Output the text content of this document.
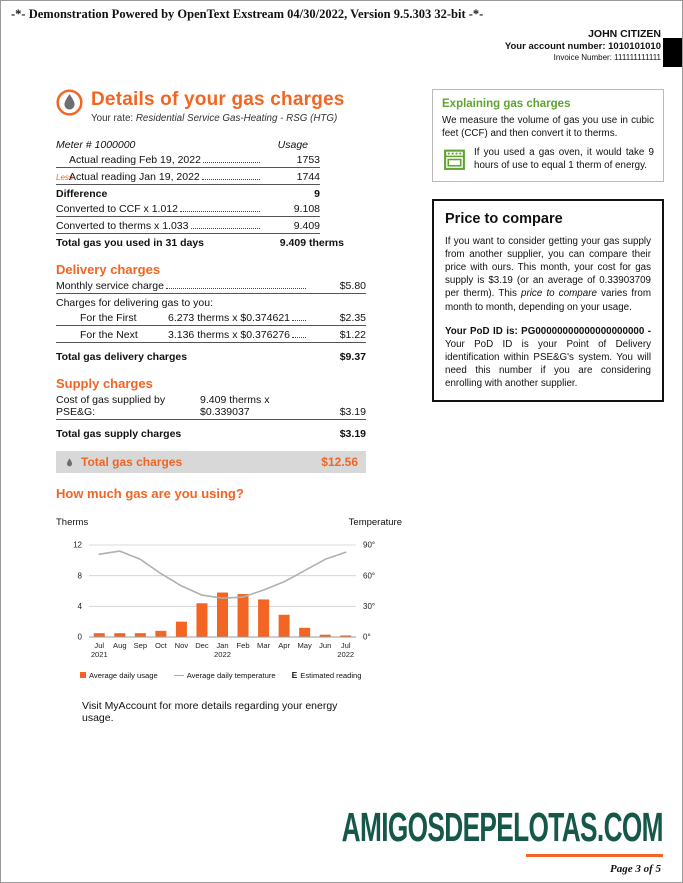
-*- Demonstration Powered by OpenText Exstream 04/30/2022, Version 9.5.303 32-bit -*-
JOHN CITIZEN
Your account number: 1010101010
Invoice Number: 111111111111
Details of your gas charges
Your rate: Residential Service Gas-Heating - RSG (HTG)
Meter # 1000000	Usage
Actual reading Feb 19, 2022	1753
Less
Actual reading Jan 19, 2022	1744
Difference	9
Converted to CCF x 1.012	9.108
Converted to therms x 1.033	9.409
Total gas you used in 31 days	9.409 therms
Delivery charges
Monthly service charge	$5.80
Charges for delivering gas to you:
For the First	6.273 therms x $0.374621	$2.35
For the Next	3.136 therms x $0.376276	$1.22
Total gas delivery charges	$9.37
Supply charges
Cost of gas supplied by PSE&G:
9.409 therms x $0.339037	$3.19
Total gas supply charges	$3.19
Total gas charges	$12.56
How much gas are you using?
Therms	Temperature
0
4
8
12
0°
30°
60°
90°
Jul
2021
Aug Sep Oct Nov Dec Jan
2022
Feb Mar Apr May Jun Jul
2022
Average daily usage	Average daily temperature E Estimated reading
Visit MyAccount for more details regarding your energy usage.
Explaining gas charges
We measure the volume of gas you use in cubic feet (CCF) and then convert it to therms.
If you used a gas oven, it would take 9 hours of use to equal 1 therm of energy.
Price to compare
If you want to consider getting your gas supply from another supplier, you can compare their price with ours. This month, your cost for gas supply is $3.19 (or an average of 0.33903709 per therm). This price to compare varies from month to month, depending on your usage.
Your PoD ID is: PG00000000000000000000 - Your PoD ID is your Point of Delivery identification within PSE&G's system. You will need this number if you are considering enrolling with another supplier.
AMIGOSDEPELOTAS.COM
Page 3 of 5
